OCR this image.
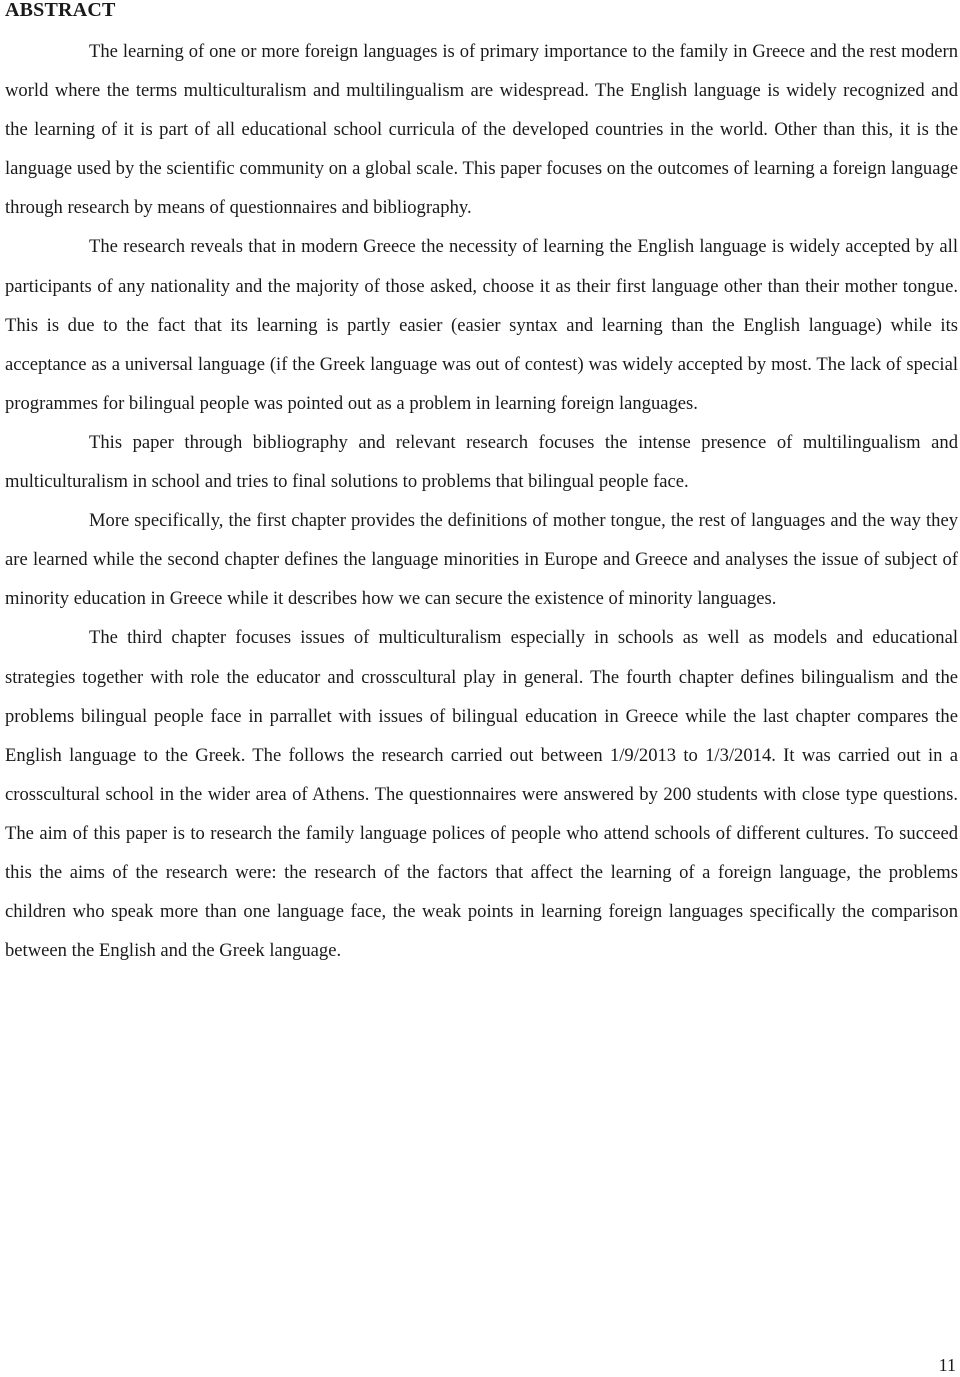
ABSTRACT

The learning of one or more foreign languages is of primary importance to the family in Greece and the rest modern world where the terms multiculturalism and multilingualism are widespread. The English language is widely recognized and the learning of it is part of all educational school curricula of the developed countries in the world. Other than this, it is the language used by the scientific community on a global scale. This paper focuses on the outcomes of learning a foreign language through research by means of questionnaires and bibliography.

The research reveals that in modern Greece the necessity of learning the English language is widely accepted by all participants of any nationality and the majority of those asked, choose it as their first language other than their mother tongue. This is due to the fact that its learning is partly easier (easier syntax and learning than the English language) while its acceptance as a universal language (if the Greek language was out of contest) was widely accepted by most. The lack of special programmes for bilingual people was pointed out as a problem in learning foreign languages.

This paper through bibliography and relevant research focuses the intense presence of multilingualism and multiculturalism in school and tries to final solutions to problems that bilingual people face.

More specifically, the first chapter provides the definitions of mother tongue, the rest of languages and the way they are learned while the second chapter defines the language minorities in Europe and Greece and analyses the issue of subject of minority education in Greece while it describes how we can secure the existence of minority languages.

The third chapter focuses issues of multiculturalism especially in schools as well as models and educational strategies together with role the educator and crosscultural play in general. The fourth chapter defines bilingualism and the problems bilingual people face in parrallet with issues of bilingual education in Greece while the last chapter compares the English language to the Greek. The follows the research carried out between 1/9/2013 to 1/3/2014. It was carried out in a crosscultural school in the wider area of Athens. The questionnaires were answered by 200 students with close type questions. The aim of this paper is to research the family language polices of people who attend schools of different cultures. To succeed this the aims of the research were: the research of the factors that affect the learning of a foreign language, the problems children who speak more than one language face, the weak points in learning foreign languages specifically the comparison between the English and the Greek language.

11
